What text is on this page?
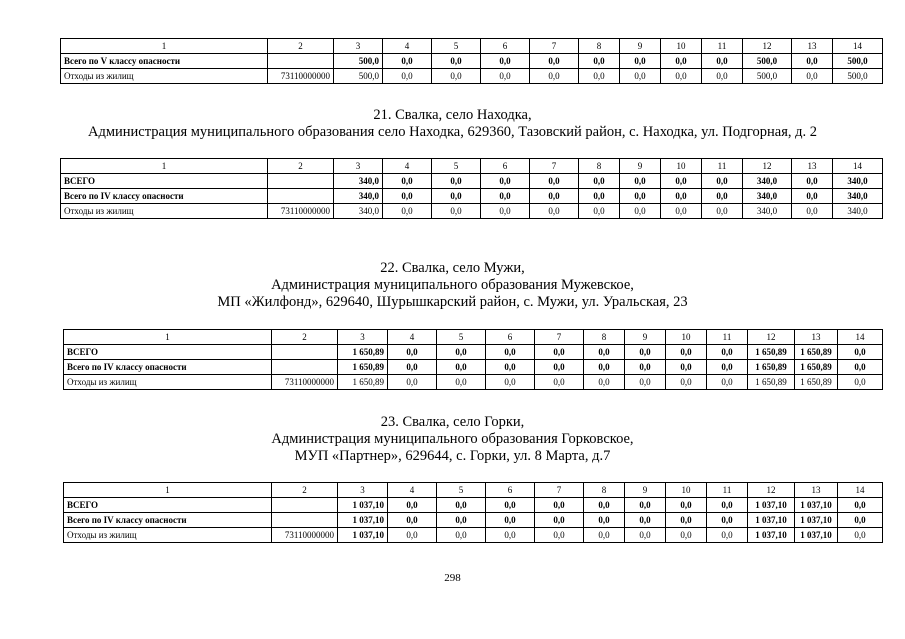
1	2	3	4	5	6	7	8	9	10	11	12	13	14
Всего по V классу опасности		500,0	0,0	0,0	0,0	0,0	0,0	0,0	0,0	0,0	500,0	0,0	500,0
Отходы из жилищ	73110000000	500,0	0,0	0,0	0,0	0,0	0,0	0,0	0,0	0,0	500,0	0,0	500,0
21. Свалка, село Находка,
Администрация муниципального образования село Находка, 629360, Тазовский район, с. Находка, ул. Подгорная, д. 2
1	2	3	4	5	6	7	8	9	10	11	12	13	14
ВСЕГО		340,0	0,0	0,0	0,0	0,0	0,0	0,0	0,0	0,0	340,0	0,0	340,0
Всего по IV классу опасности		340,0	0,0	0,0	0,0	0,0	0,0	0,0	0,0	0,0	340,0	0,0	340,0
Отходы из жилищ	73110000000	340,0	0,0	0,0	0,0	0,0	0,0	0,0	0,0	0,0	340,0	0,0	340,0
22. Свалка, село Мужи,
Администрация муниципального образования Мужевское,
МП «Жилфонд», 629640, Шурышкарский район, с. Мужи, ул. Уральская, 23
1	2	3	4	5	6	7	8	9	10	11	12	13	14
ВСЕГО		1 650,89	0,0	0,0	0,0	0,0	0,0	0,0	0,0	0,0	1 650,89	1 650,89	0,0
Всего по IV классу опасности		1 650,89	0,0	0,0	0,0	0,0	0,0	0,0	0,0	0,0	1 650,89	1 650,89	0,0
Отходы из жилищ	73110000000	1 650,89	0,0	0,0	0,0	0,0	0,0	0,0	0,0	0,0	1 650,89	1 650,89	0,0
23. Свалка, село Горки,
Администрация муниципального образования Горковское,
МУП «Партнер», 629644, с. Горки, ул. 8 Марта, д.7
1	2	3	4	5	6	7	8	9	10	11	12	13	14
ВСЕГО		1 037,10	0,0	0,0	0,0	0,0	0,0	0,0	0,0	0,0	1 037,10	1 037,10	0,0
Всего по IV классу опасности		1 037,10	0,0	0,0	0,0	0,0	0,0	0,0	0,0	0,0	1 037,10	1 037,10	0,0
Отходы из жилищ	73110000000	1 037,10	0,0	0,0	0,0	0,0	0,0	0,0	0,0	0,0	1 037,10	1 037,10	0,0
298
